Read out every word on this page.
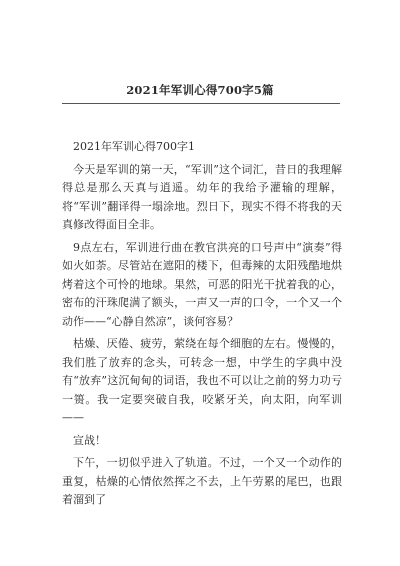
2021年军训心得700字5篇

2021年军训心得700字1

今天是军训的第一天，“军训”这个词汇，昔日的我理解得总是那么天真与逍遥。幼年的我给予灌输的理解，将“军训”翻译得一塌涂地。烈日下，现实不得不将我的天真修改得面目全非。

9点左右，军训进行曲在教官洪亮的口号声中“演奏”得如火如荼。尽管站在遮阳的楼下，但毒辣的太阳残酷地烘烤着这个可怜的地球。果然，可恶的阳光干扰着我的心，密布的汗珠爬满了额头，一声又一声的口令，一个又一个动作——“心静自然凉”，谈何容易？

枯燥、厌倦、疲劳，萦绕在每个细胞的左右。慢慢的，我们胜了放弃的念头，可转念一想，中学生的字典中没有“放弃”这沉甸甸的词语，我也不可以让之前的努力功亏一篑。我一定要突破自我，咬紧牙关，向太阳，向军训——

宣战！

下午，一切似乎进入了轨道。不过，一个又一个动作的重复，枯燥的心情依然挥之不去，上午劳累的尾巴，也跟着溜到了
